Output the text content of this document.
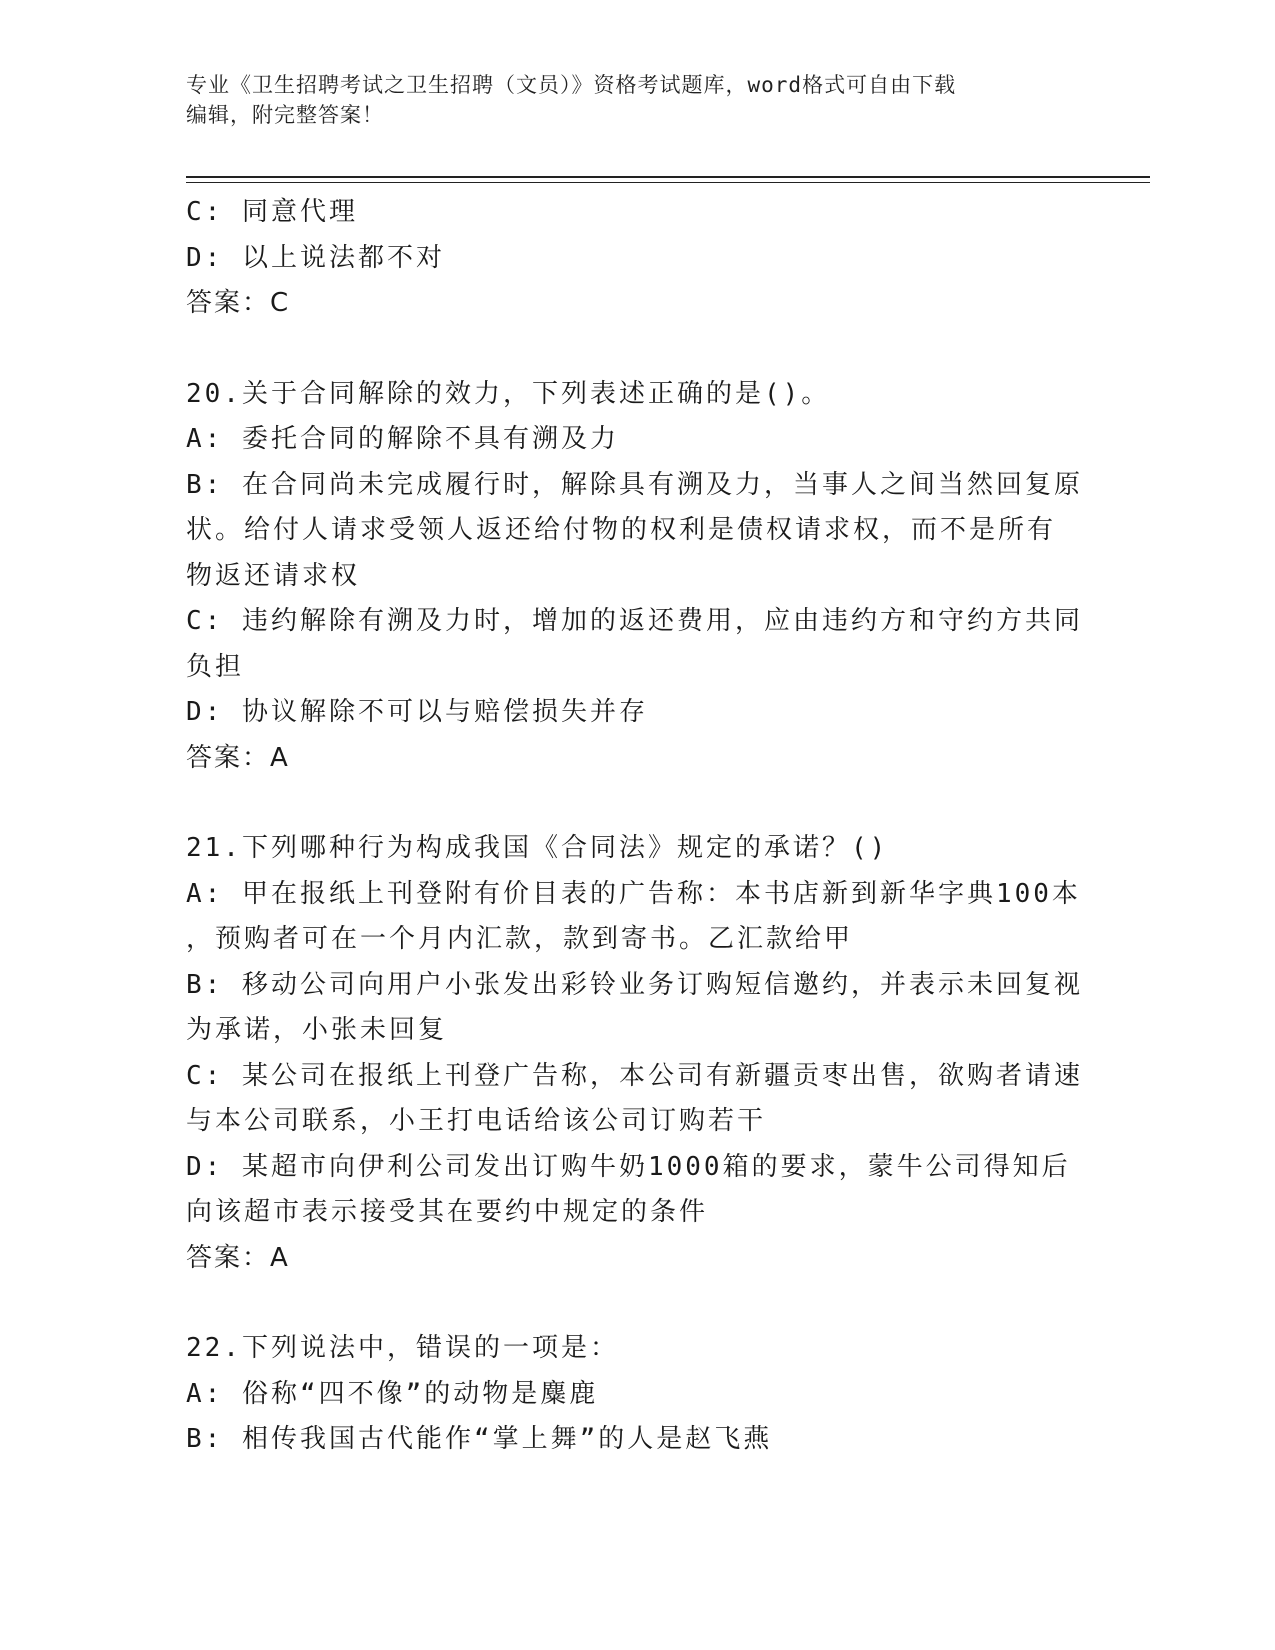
专业《卫生招聘考试之卫生招聘（文员）》资格考试题库，word格式可自由下载
编辑，附完整答案！
C: 同意代理
D: 以上说法都不对
答案：C
20.关于合同解除的效力，下列表述正确的是()。
A: 委托合同的解除不具有溯及力
B: 在合同尚未完成履行时，解除具有溯及力，当事人之间当然回复原
状。给付人请求受领人返还给付物的权利是债权请求权，而不是所有
物返还请求权
C: 违约解除有溯及力时，增加的返还费用，应由违约方和守约方共同
负担
D: 协议解除不可以与赔偿损失并存
答案：A
21.下列哪种行为构成我国《合同法》规定的承诺？()
A: 甲在报纸上刊登附有价目表的广告称：本书店新到新华字典100本
，预购者可在一个月内汇款，款到寄书。乙汇款给甲
B: 移动公司向用户小张发出彩铃业务订购短信邀约，并表示未回复视
为承诺，小张未回复
C: 某公司在报纸上刊登广告称，本公司有新疆贡枣出售，欲购者请速
与本公司联系，小王打电话给该公司订购若干
D: 某超市向伊利公司发出订购牛奶1000箱的要求，蒙牛公司得知后
向该超市表示接受其在要约中规定的条件
答案：A
22.下列说法中，错误的一项是：
A: 俗称“四不像”的动物是麋鹿
B: 相传我国古代能作“掌上舞”的人是赵飞燕
